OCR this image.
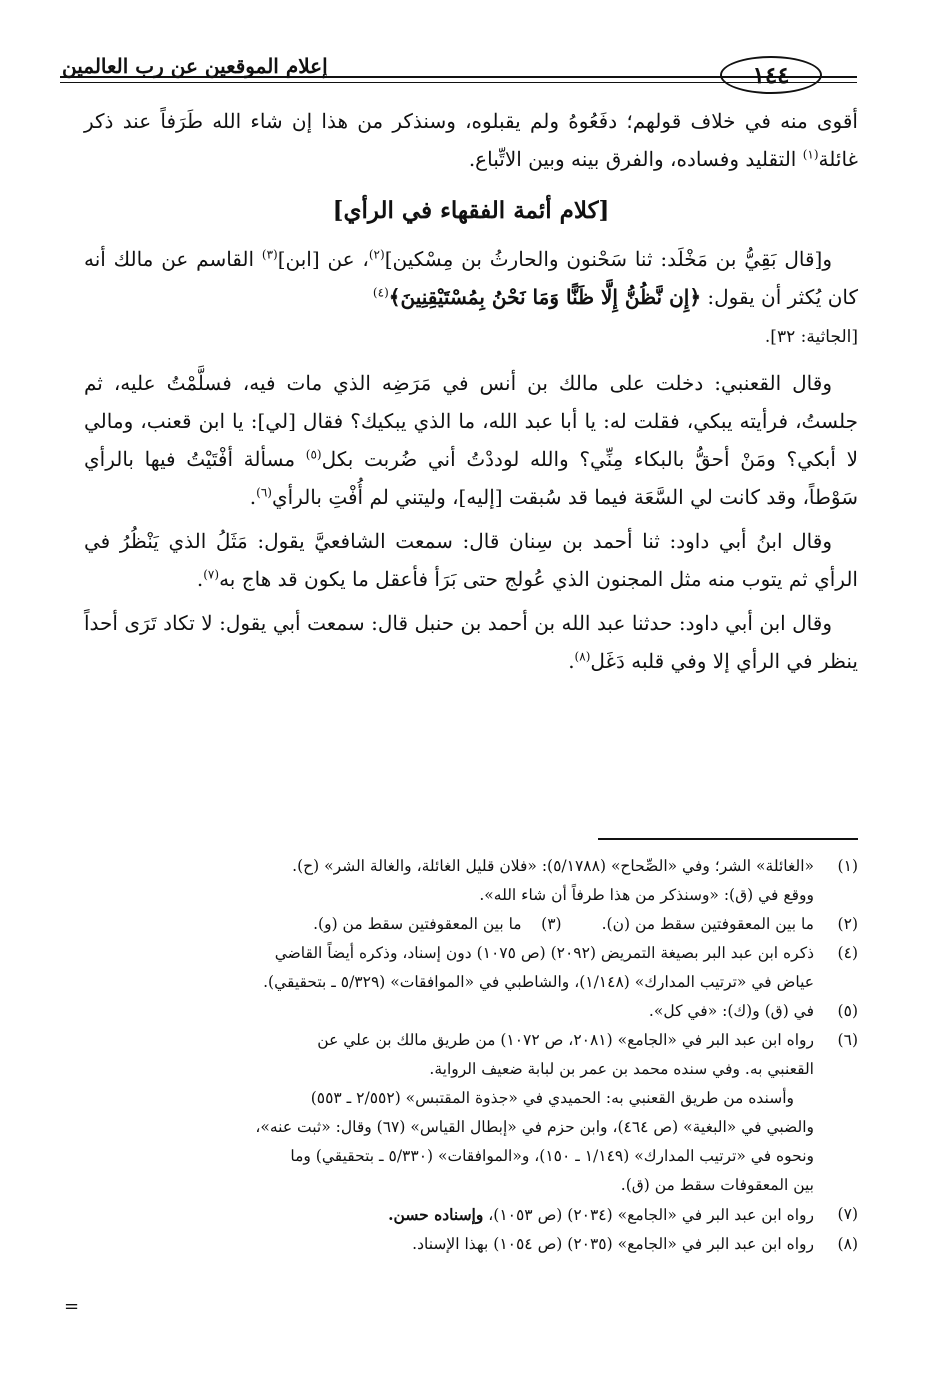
١٤٤
إعلام الموقعين عن رب العالمين

أقوى منه في خلاف قولهم؛ دفَعُوهُ ولم يقبلوه، وسنذكر من هذا إن شاء الله طَرَفاً عند ذكر غائلة$^{(١)}$ التقليد وفساده، والفرق بينه وبين الاتِّباع.

[كلام أئمة الفقهاء في الرأي]

و[قال بَقِيُّ بن مَخْلَد: ثنا سَحْنون والحارثُ بن مِسْكين]$^{(٢)}$، عن [ابن]$^{(٣)}$ القاسم عن مالك أنه كان يُكثر أن يقول: ﴿إِن نَّظُنُّ إِلَّا ظَنًّا وَمَا نَحْنُ بِمُسْتَيْقِنِينَ﴾$^{(٤)}$
[الجاثية: ٣٢].

وقال القعنبي: دخلت على مالك بن أنس في مَرَضِه الذي مات فيه، فسلَّمْتُ عليه، ثم جلستُ، فرأيته يبكي، فقلت له: يا أبا عبد الله، ما الذي يبكيك؟ فقال [لي]: يا ابن قعنب، ومالي لا أبكي؟ ومَنْ أحقُّ بالبكاء مِنِّي؟ والله لوددْتُ أني ضُربت بكل$^{(٥)}$ مسألة أفْتَيْتُ فيها بالرأي سَوْطاً، وقد كانت لي السَّعَة فيما قد سُبقت [إليه]، وليتني لم أُفْتِ بالرأي$^{(٦)}$.

وقال ابنُ أبي داود: ثنا أحمد بن سِنان قال: سمعت الشافعيَّ يقول: مَثَلُ الذي يَنْظُرُ في الرأي ثم يتوب منه مثل المجنون الذي عُولج حتى بَرَأ فأعقل ما يكون قد هاج به$^{(٧)}$.

وقال ابن أبي داود: حدثنا عبد الله بن أحمد بن حنبل قال: سمعت أبي يقول: لا تكاد تَرَى أحداً ينظر في الرأي إلا وفي قلبه دَغَل$^{(٨)}$.

(١)
«الغائلة» الشر؛ وفي «الصِّحاح» (٥/١٧٨٨): «فلان قليل الغائلة، والغالة الشر» (ح).
ووقع في (ق): «وسنذكر من هذا طرفاً أن شاء الله».
(٢)
ما بين المعقوفتين سقط من (ن).
(٣)
ما بين المعقوفتين سقط من (و).
(٤)
ذكره ابن عبد البر بصيغة التمريض (٢٠٩٢) (ص ١٠٧٥) دون إسناد، وذكره أيضاً القاضي
عياض في «ترتيب المدارك» (١/١٤٨)، والشاطبي في «الموافقات» (٥/٣٢٩ ـ بتحقيقي).
(٥)
في (ق) و(ك): «في كل».
(٦)
رواه ابن عبد البر في «الجامع» (٢٠٨١، ص ١٠٧٢) من طريق مالك بن علي عن
القعنبي به. وفي سنده محمد بن عمر بن لبابة ضعيف الرواية.
وأسنده من طريق القعنبي به: الحميدي في «جذوة المقتبس» (٢/٥٥٢ ـ ٥٥٣)
والضبي في «البغية» (ص ٤٦٤)، وابن حزم في «إبطال القياس» (٦٧) وقال: «ثبت عنه»،
ونحوه في «ترتيب المدارك» (١/١٤٩ ـ ١٥٠)، و«الموافقات» (٥/٣٣٠ ـ بتحقيقي) وما
بين المعقوفات سقط من (ق).
(٧)
رواه ابن عبد البر في «الجامع» (٢٠٣٤) (ص ١٠٥٣)، وإسناده حسن.
(٨)
رواه ابن عبد البر في «الجامع» (٢٠٣٥) (ص ١٠٥٤) بهذا الإسناد.
=
